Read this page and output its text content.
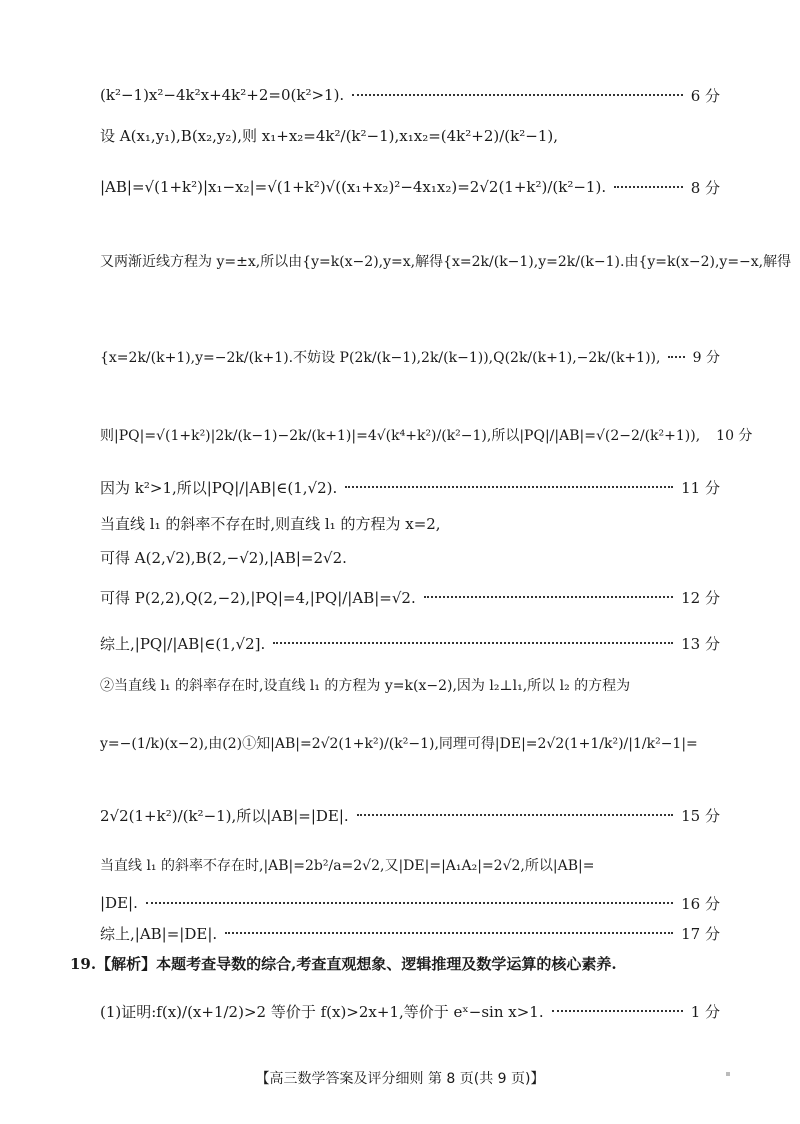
(k²−1)x²−4k²x+4k²+2=0(k²>1).	6 分
设 A(x₁,y₁),B(x₂,y₂),则 x₁+x₂=4k²/(k²−1),x₁x₂=(4k²+2)/(k²−1),
|AB|=√(1+k²)|x₁−x₂|=√(1+k²)√((x₁+x₂)²−4x₁x₂)=2√2(1+k²)/(k²−1).	8 分
又两渐近线方程为 y=±x,所以由{y=k(x−2),y=x,解得{x=2k/(k−1),y=2k/(k−1).由{y=k(x−2),y=−x,解得
{x=2k/(k+1),y=−2k/(k+1).不妨设 P(2k/(k−1),2k/(k−1)),Q(2k/(k+1),−2k/(k+1)), 9 分
则|PQ|=√(1+k²)|2k/(k−1)−2k/(k+1)|=4√(k⁴+k²)/(k²−1),所以|PQ|/|AB|=√(2−2/(k²+1)), 10 分
因为 k²>1,所以|PQ|/|AB|∈(1,√2).	11 分
当直线 l₁ 的斜率不存在时,则直线 l₁ 的方程为 x=2,
可得 A(2,√2),B(2,−√2),|AB|=2√2.
可得 P(2,2),Q(2,−2),|PQ|=4,|PQ|/|AB|=√2.	12 分
综上,|PQ|/|AB|∈(1,√2].	13 分
②当直线 l₁ 的斜率存在时,设直线 l₁ 的方程为 y=k(x−2),因为 l₂⊥l₁,所以 l₂ 的方程为
y=−(1/k)(x−2),由(2)①知|AB|=2√2(1+k²)/(k²−1),同理可得|DE|=2√2(1+1/k²)/|1/k²−1|=
2√2(1+k²)/(k²−1),所以|AB|=|DE|.	15 分
当直线 l₁ 的斜率不存在时,|AB|=2b²/a=2√2,又|DE|=|A₁A₂|=2√2,所以|AB|=
|DE|.	16 分
综上,|AB|=|DE|.	17 分
19.【解析】本题考查导数的综合,考查直观想象、逻辑推理及数学运算的核心素养.
(1)证明:f(x)/(x+1/2)>2 等价于 f(x)>2x+1,等价于 eˣ−sin x>1.	1 分
【高三数学答案及评分细则 第 8 页(共 9 页)】
